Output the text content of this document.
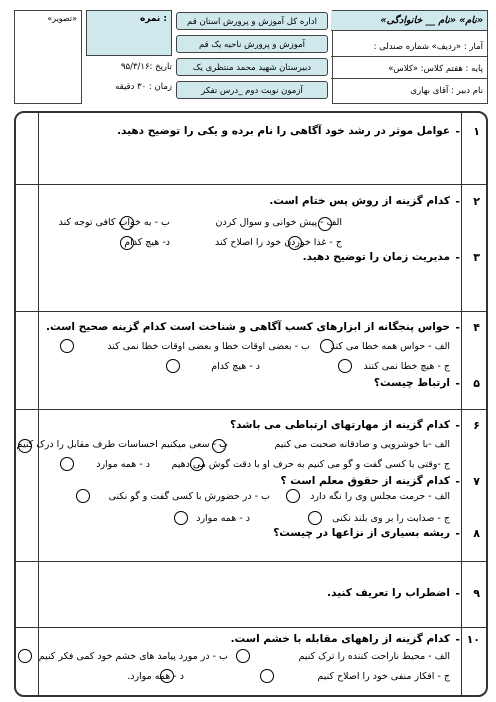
«تصویر»	نمره :
تاریخ :۹۵/۳/۱۶
زمان : ۳۰ دقیقه
اداره کل آموزش و پرورش استان قم
آموزش و پرورش ناحیه یک قم
دبیرستان شهید محمد منتظری یک
آزمون نوبت دوم _درس تفکر
«نام» «نام __ خانوادگی»
آمار : «ردیف» شماره صندلی :
پایه : هفتم کلاس: «کلاس»
نام دبیر : آقای بهاری
۱
-
عوامل موثر در رشد خود آگاهی را نام برده و یکی را توضیح دهید.
۲
-
کدام گزینه از روش پس ختام است.
الف - پیش خوانی و سوال کردن
ب - به خواب کافی توجه کند
ج - غذا خوردن خود را اصلاح کند
د- هیچ کدام
۳
-
مدیریت زمان را توضیح دهید.
۴
-
حواس پنجگانه از ابزارهای کسب آگاهی و شناخت است کدام گزینه صحیح است.
الف - حواس همه خطا می کند
ب - بعضی اوقات خطا و بعضی اوقات خطا نمی کند
ج - هیچ خطا نمی کنند
د - هیچ کدام
۵
-
ارتباط چیست؟
۶
-
کدام گزینه از مهارتهای ارتباطی می باشد؟
الف -با خوشرویی و صادقانه صحبت می کنیم
ب - سعی میکنیم احساسات طرف مقابل را درک کنیم
ج -وقتی با کسی گفت و گو می کنیم به حرف او با دقت گوش می دهیم
د - همه موارد
۷
-
کدام گزینه از حقوق معلم است ؟
الف - حرمت مجلس وی را نگه دارد
ب - در حضورش با کسی گفت و گو نکنی
ج - صدایت را بر وی بلند نکنی
د - همه موارد
۸
-
ریشه بسیاری از نزاعها در چیست؟
۹
-
اضطراب را تعریف کنید.
۱۰
-
کدام گزینه از راههای مقابله با خشم است.
الف - محیط ناراحت کننده را ترک کنیم
ب - در مورد پیامد های خشم خود کمی فکر کنیم
ج - افکار منفی خود را اصلاح کنیم
د - همه موارد.
